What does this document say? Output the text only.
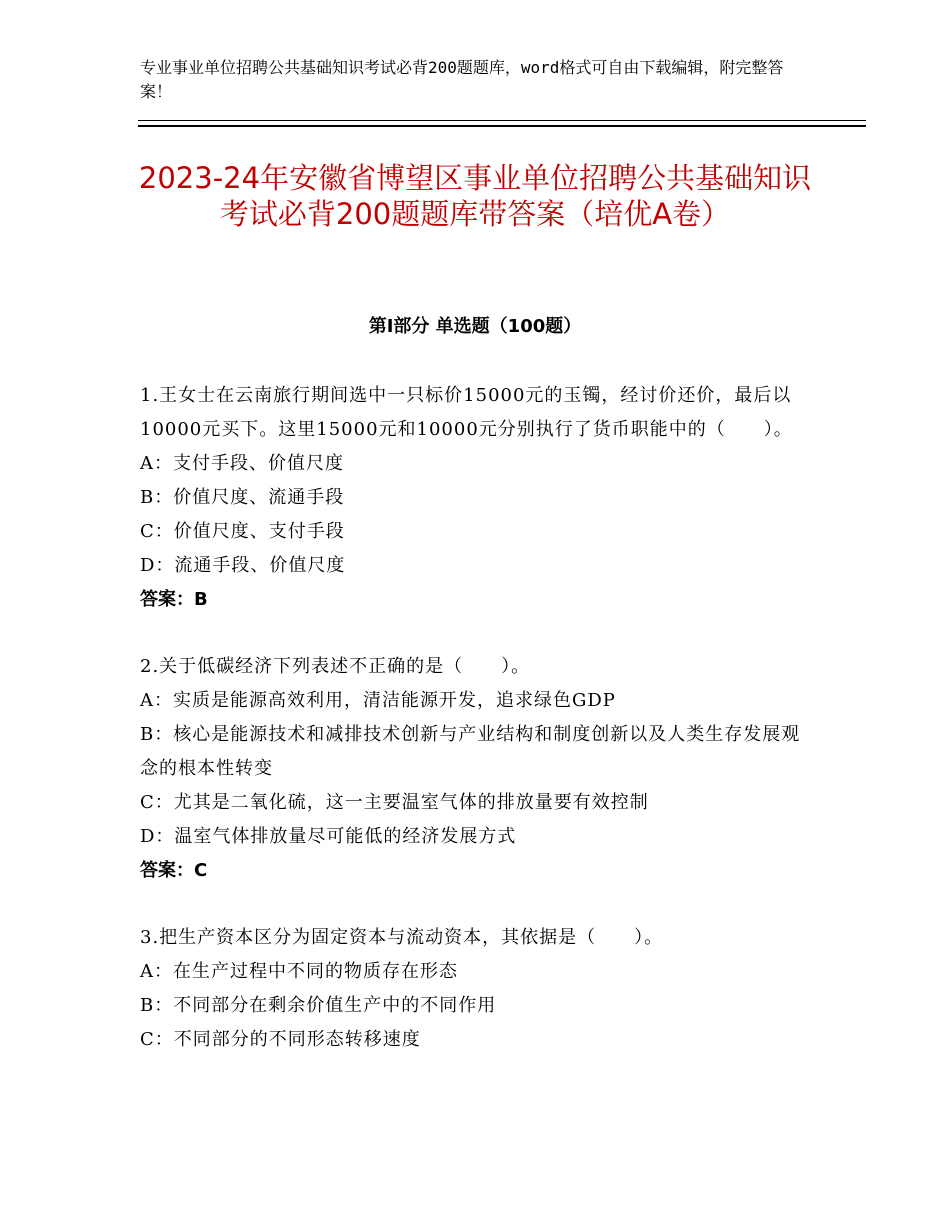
专业事业单位招聘公共基础知识考试必背200题题库，word格式可自由下载编辑，附完整答案！
2023-24年安徽省博望区事业单位招聘公共基础知识考试必背200题题库带答案（培优A卷）
第Ⅰ部分 单选题（100题）
1.王女士在云南旅行期间选中一只标价15000元的玉镯，经讨价还价，最后以10000元买下。这里15000元和10000元分别执行了货币职能中的（　　）。
A：支付手段、价值尺度
B：价值尺度、流通手段
C：价值尺度、支付手段
D：流通手段、价值尺度
答案：B
2.关于低碳经济下列表述不正确的是（　　）。
A：实质是能源高效利用，清洁能源开发，追求绿色GDP
B：核心是能源技术和减排技术创新与产业结构和制度创新以及人类生存发展观念的根本性转变
C：尤其是二氧化硫，这一主要温室气体的排放量要有效控制
D：温室气体排放量尽可能低的经济发展方式
答案：C
3.把生产资本区分为固定资本与流动资本，其依据是（　　）。
A：在生产过程中不同的物质存在形态
B：不同部分在剩余价值生产中的不同作用
C：不同部分的不同形态转移速度
